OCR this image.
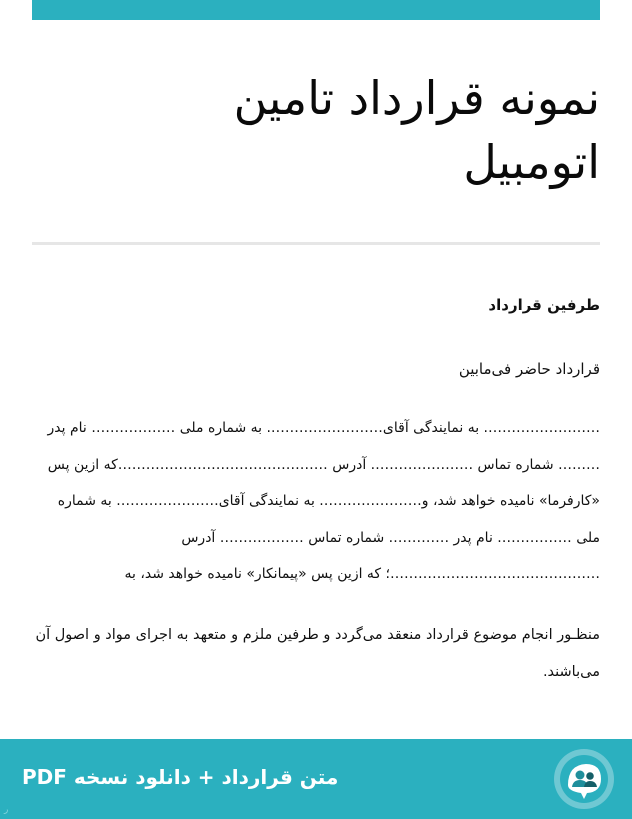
نمونه قرارداد تامین
اتومبیل

طرفین قرارداد

قرارداد حاضر فی‌مابین

……………………. به نمایندگی آقای……………………. به شماره ملی ……………… نام پدر ……… شماره تماس …………………. آدرس ………………………………………که ازین پس «کارفرما» نامیده خواهد شد، و…………………. به نمایندگی آقای…………………. به شماره ملی ……………. نام پدر …………. شماره تماس ……………… آدرس ………………………………………؛ که ازین پس «پیمانکار» نامیده خواهد شد، به

منظـور انجام موضوع قرارداد منعقد می‌گردد و طرفین ملزم و متعهد به اجرای مواد و اصول آن می‌باشند.

متن قرارداد + دانلود نسخه PDF
ر
